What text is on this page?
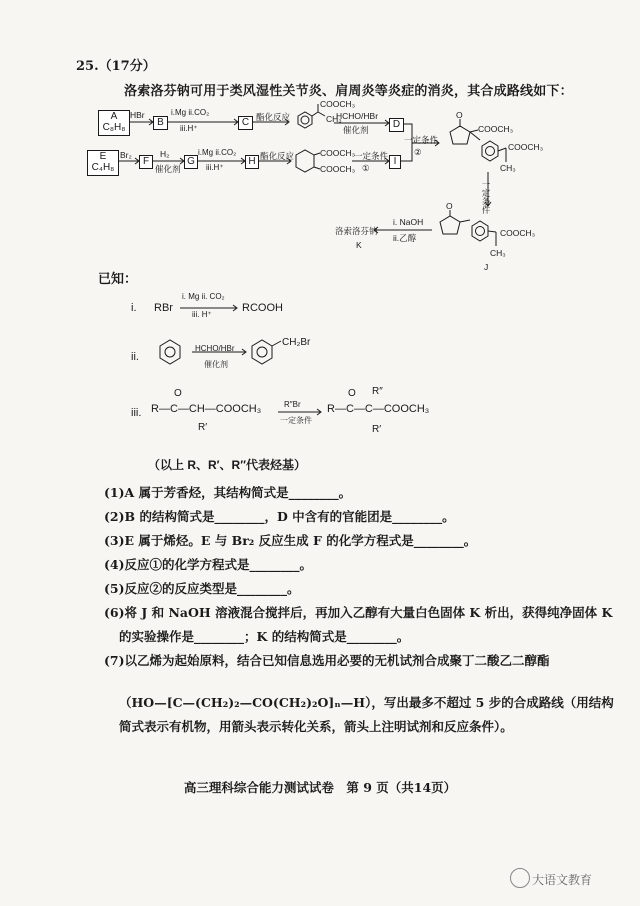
25.（17分）
洛索洛芬钠可用于类风湿性关节炎、肩周炎等炎症的消炎，其合成路线如下：
A
C₈H₈	B	C	D
HBr	i.Mg ii.CO₂
iii.H⁺
酯化反应	HCHO/HBr
催化剂
E
C₄H₈
F	G	H	I
Br₂	H₂
催化剂
i.Mg ii.CO₂
iii.H⁺
酯化反应	一定条件
①
一定条件
②
一定条件
洛索洛芬钠
K
i. NaOH
ii.乙醇
J
COOCH₃
CH₃
COOCH₃
COOCH₃
O
COOCH₃
COOCH₃
CH₃
O
COOCH₃
CH₃
已知：
i. RBr
i. Mg ii. CO₂
iii. H⁺
RCOOH
ii.
HCHO/HBr
催化剂
CH₂Br
iii.
R″Br
一定条件
R—C—CH—COOCH₃
O
R′
R—C—C—COOCH₃
O R″
R′
（以上 R、R′、R″代表烃基）
(1)A 属于芳香烃，其结构简式是________。
(2)B 的结构简式是________，D 中含有的官能团是________。
(3)E 属于烯烃。E 与 Br₂ 反应生成 F 的化学方程式是________。
(4)反应①的化学方程式是________。
(5)反应②的反应类型是________。
(6)将 J 和 NaOH 溶液混合搅拌后，再加入乙醇有大量白色固体 K 析出，获得纯净固体 K
的实验操作是________；K 的结构简式是________。
(7)以乙烯为起始原料，结合已知信息选用必要的无机试剂合成聚丁二酸乙二醇酯
（HO—[C—(CH₂)₂—CO(CH₂)₂O]ₙ—H），写出最多不超过 5 步的合成路线（用结构
简式表示有机物，用箭头表示转化关系，箭头上注明试剂和反应条件）。
高三理科综合能力测试试卷　第 9 页（共14页）
大语文教育
